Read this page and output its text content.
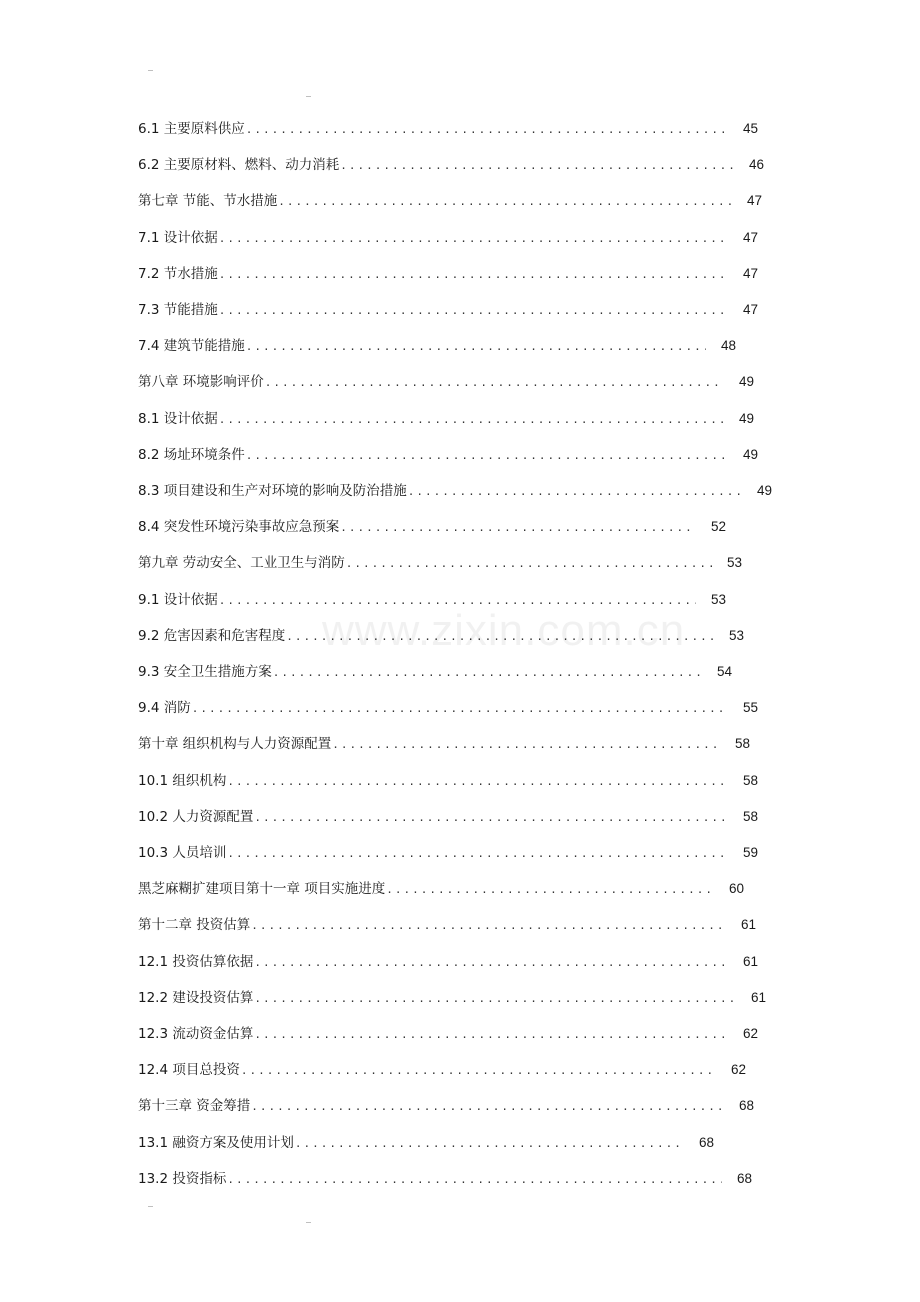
www.zixin.com.cn
6.1 主要原料供应 .....	45
6.2 主要原材料、燃料、动力消耗 .....	46
第七章 节能、节水措施 .....	47
7.1 设计依据 .....	47
7.2 节水措施 .....	47
7.3 节能措施 .....	47
7.4 建筑节能措施 .....	48
第八章 环境影响评价 .....	49
8.1 设计依据 .....	49
8.2 场址环境条件 .....	49
8.3 项目建设和生产对环境的影响及防治措施 .....	49
8.4 突发性环境污染事故应急预案 .....	52
第九章 劳动安全、工业卫生与消防 .....	53
9.1 设计依据 .....	53
9.2 危害因素和危害程度 .....	53
9.3 安全卫生措施方案 .....	54
9.4 消防 .....	55
第十章 组织机构与人力资源配置 .....	58
10.1 组织机构 .....	58
10.2 人力资源配置 .....	58
10.3 人员培训 .....	59
黑芝麻糊扩建项目第十一章 项目实施进度 .....	60
第十二章 投资估算 .....	61
12.1 投资估算依据 .....	61
12.2 建设投资估算 .....	61
12.3 流动资金估算 .....	62
12.4 项目总投资 .....	62
第十三章 资金筹措 .....	68
13.1 融资方案及使用计划 .....	68
13.2 投资指标 .....	68
